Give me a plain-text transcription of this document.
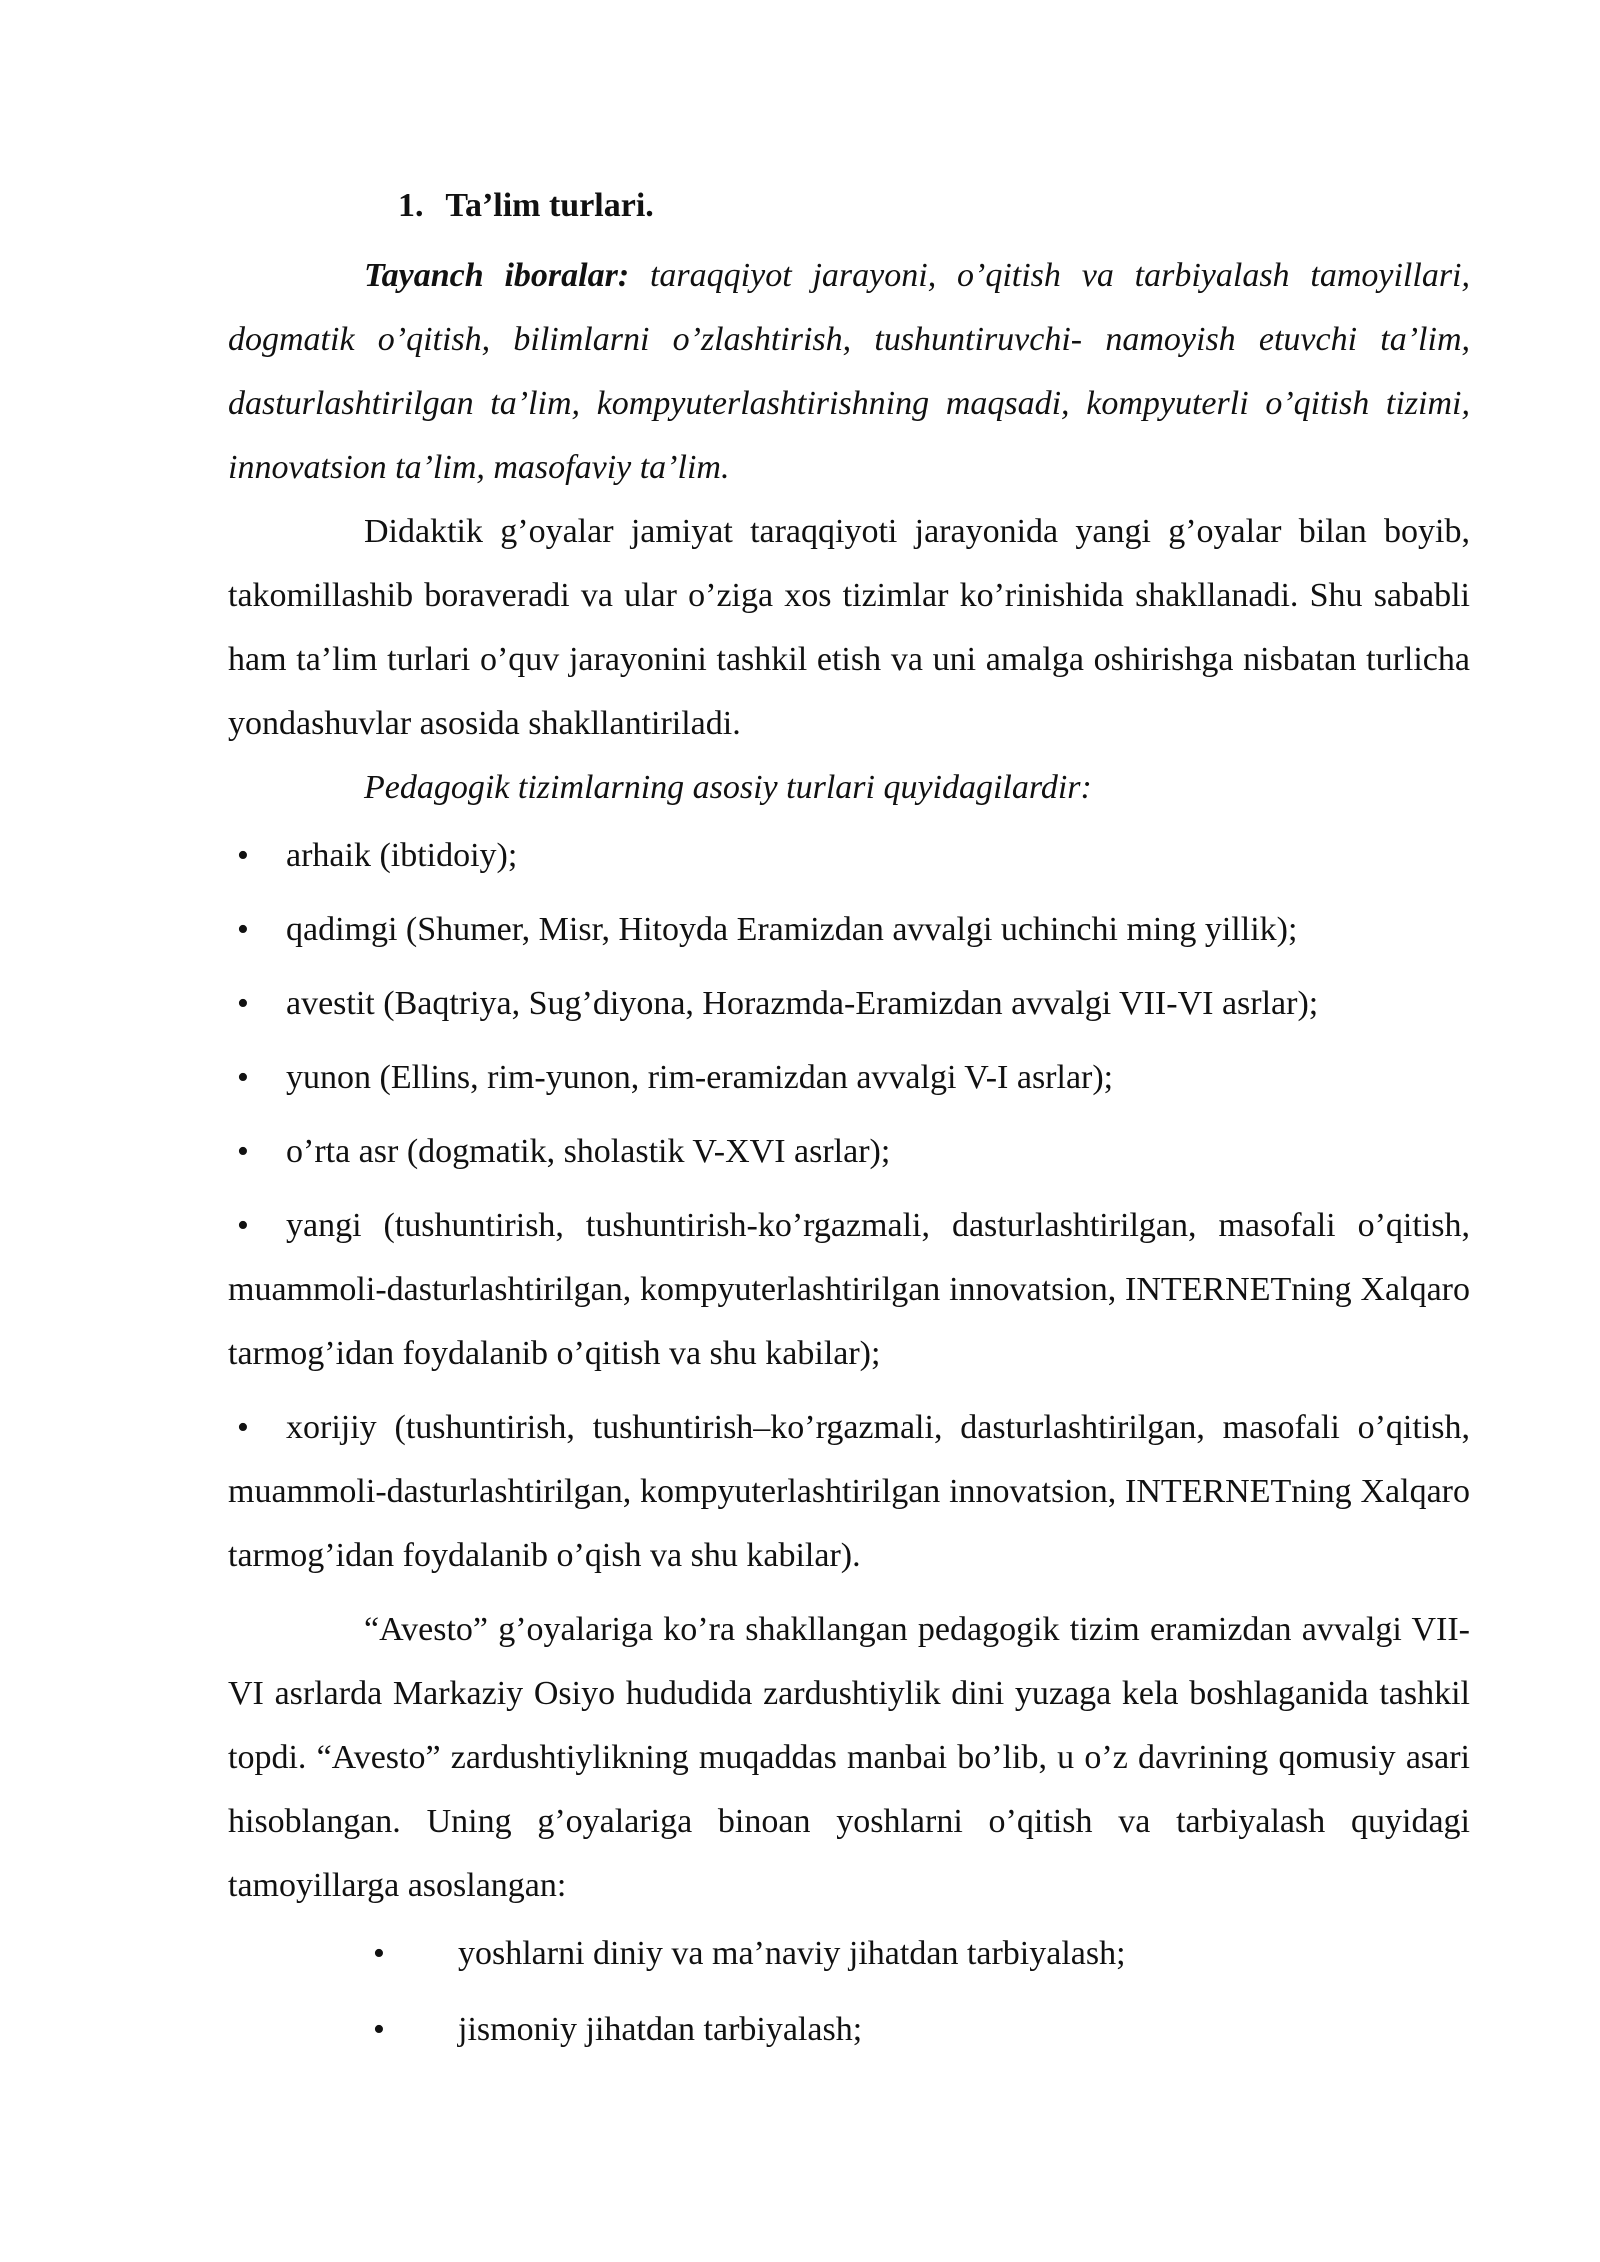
1. Ta’lim turlari.

Tayanch iboralar: taraqqiyot jarayoni, o’qitish va tarbiyalash tamoyillari, dogmatik o’qitish, bilimlarni o’zlashtirish, tushuntiruvchi- namoyish etuvchi ta’lim, dasturlashtirilgan ta’lim, kompyuterlashtirishning maqsadi, kompyuterli o’qitish tizimi, innovatsion ta’lim, masofaviy ta’lim.

Didaktik g’oyalar jamiyat taraqqiyoti jarayonida yangi g’oyalar bilan boyib, takomillashib boraveradi va ular o’ziga xos tizimlar ko’rinishida shakllanadi. Shu sababli ham ta’lim turlari o’quv jarayonini tashkil etish va uni amalga oshirishga nisbatan turlicha yondashuvlar asosida shakllantiriladi.

Pedagogik tizimlarning asosiy turlari quyidagilardir:

• arhaik (ibtidoiy);
• qadimgi (Shumer, Misr, Hitoyda Eramizdan avvalgi uchinchi ming yillik);
• avestit (Baqtriya, Sug’diyona, Horazmda-Eramizdan avvalgi VII-VI asrlar);
• yunon (Ellins, rim-yunon, rim-eramizdan avvalgi V-I asrlar);
• o’rta asr (dogmatik, sholastik V-XVI asrlar);
• yangi (tushuntirish, tushuntirish-ko’rgazmali, dasturlashtirilgan, masofali o’qitish, muammoli-dasturlashtirilgan, kompyuterlashtirilgan innovatsion, INTERNETning Xalqaro tarmog’idan foydalanib o’qitish va shu kabilar);
• xorijiy (tushuntirish, tushuntirish–ko’rgazmali, dasturlashtirilgan, masofali o’qitish, muammoli-dasturlashtirilgan, kompyuterlashtirilgan innovatsion, INTERNETning Xalqaro tarmog’idan foydalanib o’qish va shu kabilar).

“Avesto” g’oyalariga ko’ra shakllangan pedagogik tizim eramizdan avvalgi VII-VI asrlarda Markaziy Osiyo hududida zardushtiylik dini yuzaga kela boshlaganida tashkil topdi. “Avesto” zardushtiylikning muqaddas manbai bo’lib, u o’z davrining qomusiy asari hisoblangan. Uning g’oyalariga binoan yoshlarni o’qitish va tarbiyalash quyidagi tamoyillarga asoslangan:

• yoshlarni diniy va ma’naviy jihatdan tarbiyalash;
• jismoniy jihatdan tarbiyalash;
